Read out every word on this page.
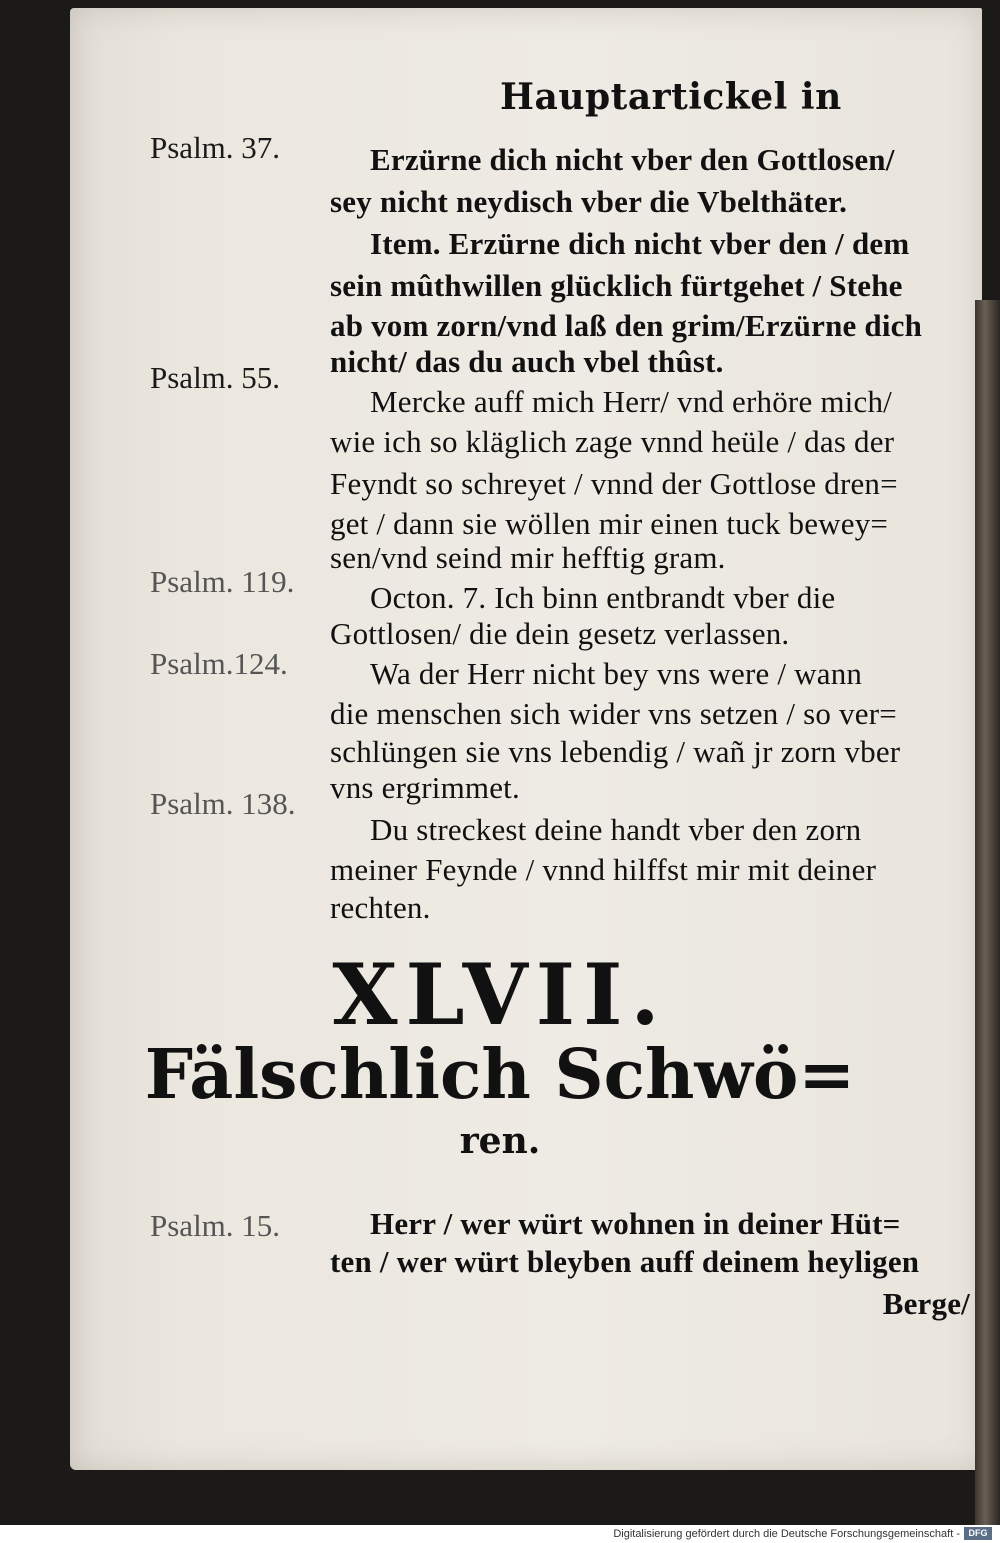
Hauptartickel in
Psalm. 37.
Psalm. 55.
Psalm. 119.
Psalm.124.
Psalm. 138.
Psalm. 15.
Erzürne dich nicht vber den Gottlosen/
sey nicht neydisch vber die Vbelthäter.
Item. Erzürne dich nicht vber den / dem
sein mûthwillen glücklich fürtgehet / Stehe
ab vom zorn/vnd laß den grim/Erzürne dich
nicht/ das du auch vbel thûst.
Mercke auff mich Herr/ vnd erhöre mich/
wie ich so kläglich zage vnnd heüle / das der
Feyndt so schreyet / vnnd der Gottlose dren=
get / dann sie wöllen mir einen tuck bewey=
sen/vnd seind mir hefftig gram.
Octon. 7. Ich binn entbrandt vber die
Gottlosen/ die dein gesetz verlassen.
Wa der Herr nicht bey vns were / wann
die menschen sich wider vns setzen / so ver=
schlüngen sie vns lebendig / wañ jr zorn vber
vns ergrimmet.
Du streckest deine handt vber den zorn
meiner Feynde / vnnd hilffst mir mit deiner
rechten.
XLVII.
Fälschlich Schwö=
ren.
Herr / wer würt wohnen in deiner Hüt=
ten / wer würt bleyben auff deinem heyligen
Berge/
Digitalisierung gefördert durch die Deutsche Forschungsgemeinschaft - DFG
